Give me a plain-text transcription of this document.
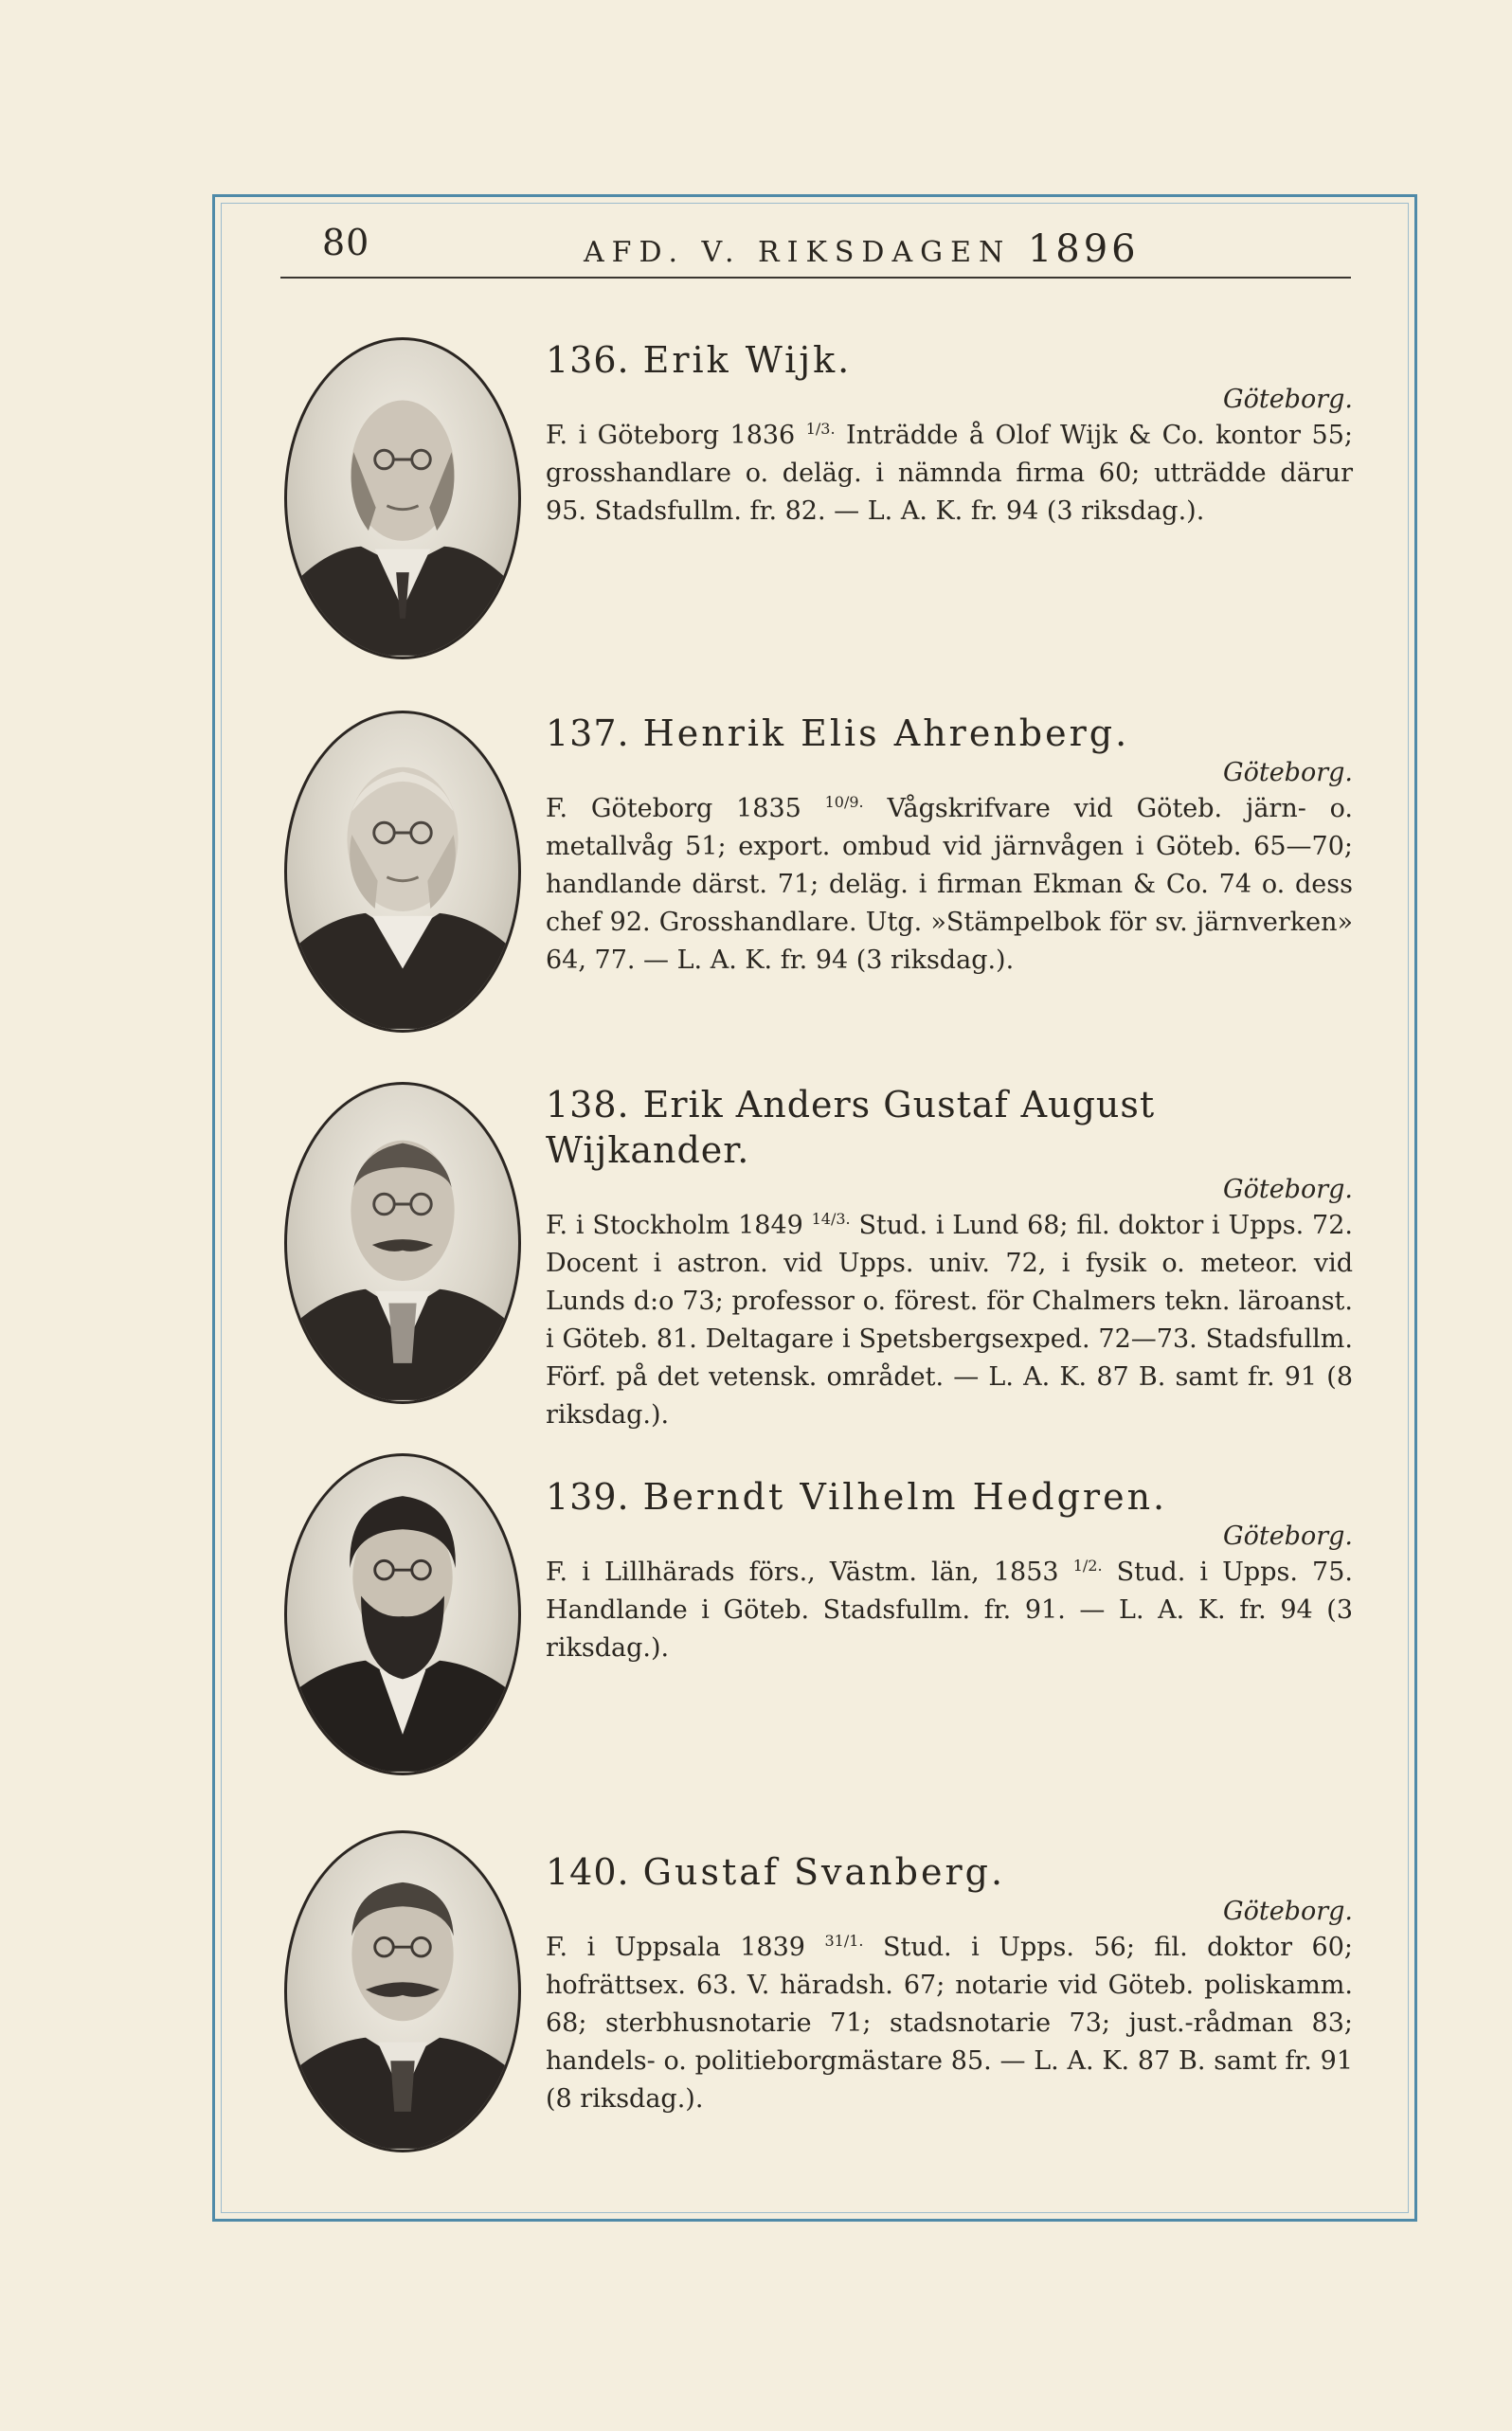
80	AFD. V. RIKSDAGEN 1896
136. Erik Wijk.
Göteborg.
F. i Göteborg 1836 $^{1/3.}$ Inträdde å Olof Wijk & Co. kontor 55; grosshandlare o. deläg. i nämnda firma 60; utträdde därur 95. Stadsfullm. fr. 82. — L. A. K. fr. 94 (3 riksdag.).
137. Henrik Elis Ahrenberg.
Göteborg.
F. Göteborg 1835 $^{10/9.}$ Vågskrifvare vid Göteb. järn- o. metallvåg 51; export. ombud vid järnvågen i Göteb. 65—70; handlande därst. 71; deläg. i firman Ekman & Co. 74 o. dess chef 92. Grosshandlare. Utg. »Stämpelbok för sv. järnverken» 64, 77. — L. A. K. fr. 94 (3 riksdag.).
138. Erik Anders Gustaf August Wijkander.
Göteborg.
F. i Stockholm 1849 $^{14/3.}$ Stud. i Lund 68; fil. doktor i Upps. 72. Docent i astron. vid Upps. univ. 72, i fysik o. meteor. vid Lunds d:o 73; professor o. förest. för Chalmers tekn. läroanst. i Göteb. 81. Deltagare i Spetsbergsexped. 72—73. Stadsfullm. Förf. på det vetensk. området. — L. A. K. 87 B. samt fr. 91 (8 riksdag.).
139. Berndt Vilhelm Hedgren.
Göteborg.
F. i Lillhärads förs., Västm. län, 1853 $^{1/2.}$ Stud. i Upps. 75. Handlande i Göteb. Stadsfullm. fr. 91. — L. A. K. fr. 94 (3 riksdag.).
140. Gustaf Svanberg.
Göteborg.
F. i Uppsala 1839 $^{31/1.}$ Stud. i Upps. 56; fil. doktor 60; hofrättsex. 63. V. häradsh. 67; notarie vid Göteb. poliskamm. 68; sterbhusnotarie 71; stadsnotarie 73; just.-rådman 83; handels- o. politieborgmästare 85. — L. A. K. 87 B. samt fr. 91 (8 riksdag.).
